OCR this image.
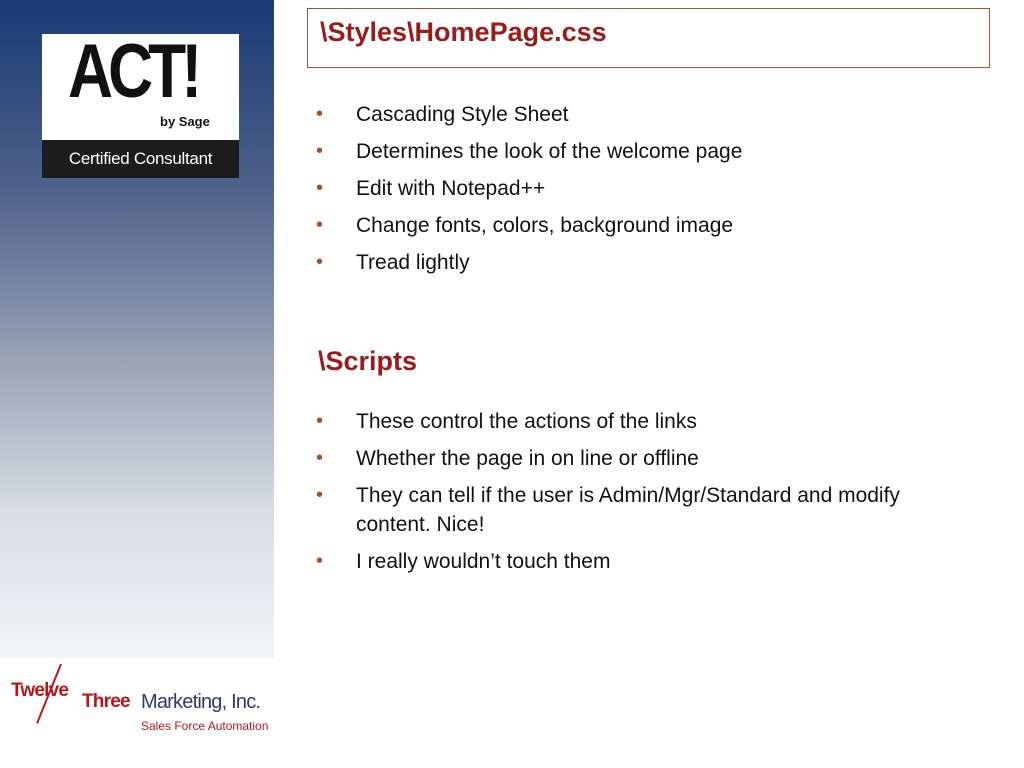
ACT!
by Sage
Certified Consultant
\Styles\HomePage.css
• Cascading Style Sheet
• Determines the look of the welcome page
• Edit with Notepad++
• Change fonts, colors, background image
• Tread lightly
\Scripts
• These control the actions of the links
• Whether the page in on line or offline
• They can tell if the user is Admin/Mgr/Standard and modify content. Nice!
• I really wouldn’t touch them
Twelve
Three Marketing, Inc.
Sales Force Automation
